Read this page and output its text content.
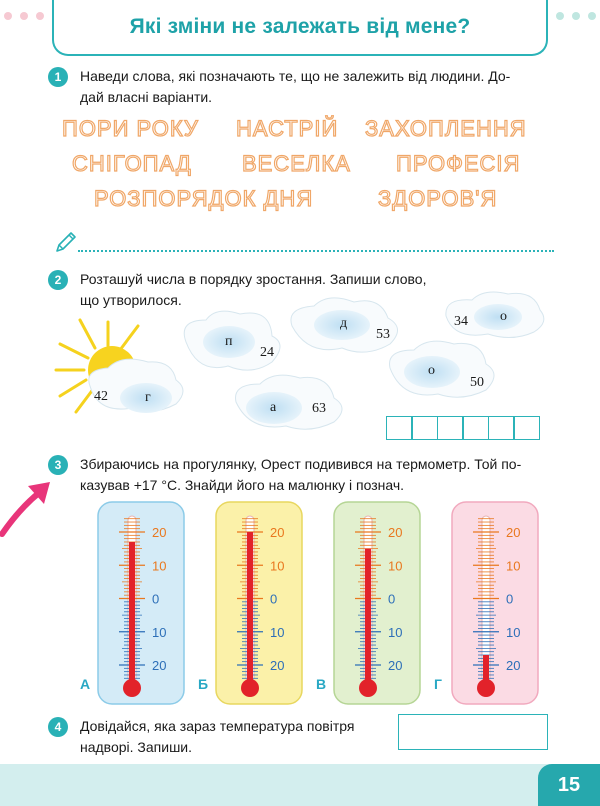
Які зміни не залежать від мене?
1	Наведи слова, які позначають те, що не залежить від людини. До-
дай власні варіанти.
ПОРИ РОКУ НАСТРІЙ ЗАХОПЛЕННЯ
СНІГОПАД ВЕСЕЛКА ПРОФЕСІЯ
РОЗПОРЯДОК ДНЯ	ЗДОРОВ'Я
2	Розташуй числа в порядку зростання. Запиши слово,
що утворилося.
п
24
д
53
34 о
42	г
о
50
а	63
3	Збираючись на прогулянку, Орест подивився на термометр. Той по-
казував +17 °С. Знайди його на малюнку і познач.
20
10
0
10
20
20
10
0
10
20
20
10
0
10
20
20
10
0
10
20
А	Б	В	Г
4	Довідайся, яка зараз температура повітря
надворі. Запиши.
15
